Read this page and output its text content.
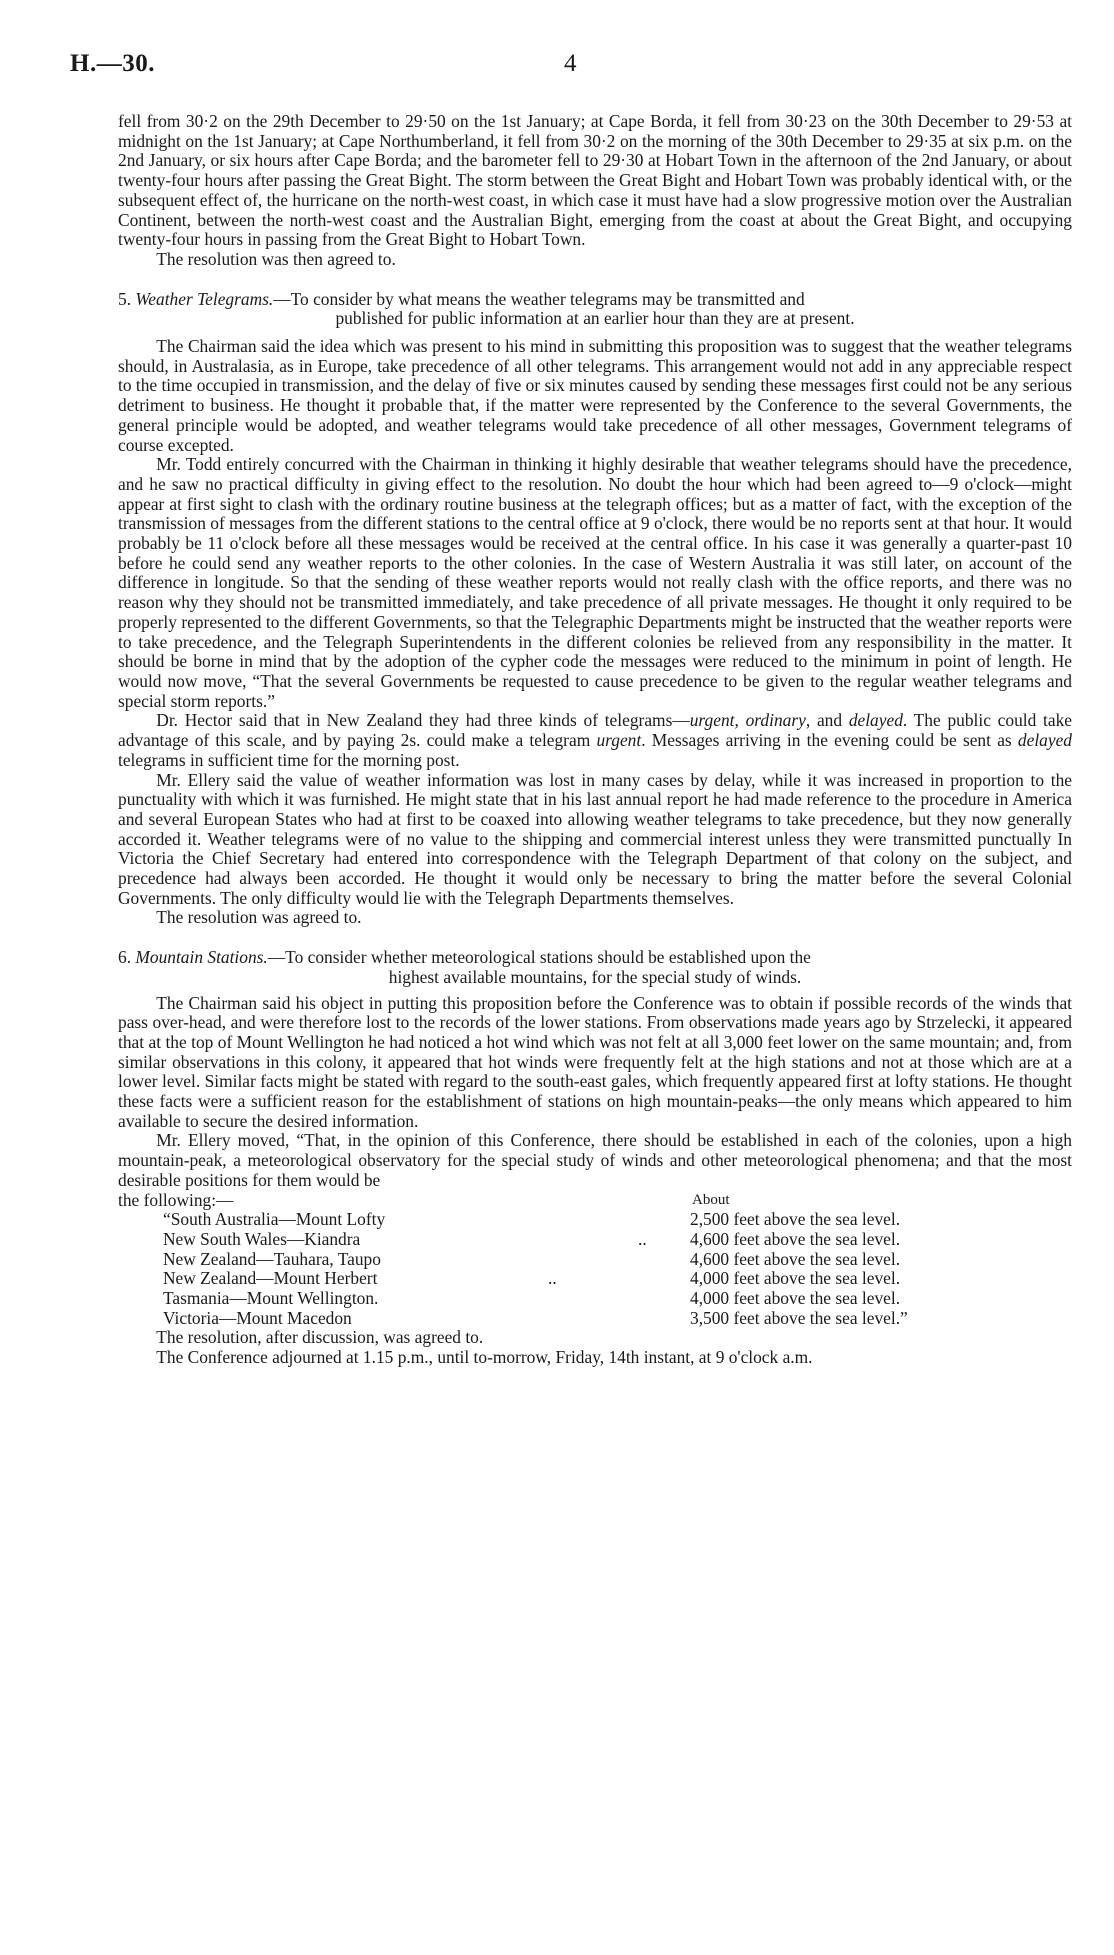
H.—30.	4

fell from 30·2 on the 29th December to 29·50 on the 1st January; at Cape Borda, it fell from 30·23 on the 30th December to 29·53 at midnight on the 1st January; at Cape Northumberland, it fell from 30·2 on the morning of the 30th December to 29·35 at six p.m. on the 2nd January, or six hours after Cape Borda; and the barometer fell to 29·30 at Hobart Town in the afternoon of the 2nd January, or about twenty-four hours after passing the Great Bight. The storm between the Great Bight and Hobart Town was probably identical with, or the subsequent effect of, the hurricane on the north-west coast, in which case it must have had a slow progressive motion over the Australian Continent, between the north-west coast and the Australian Bight, emerging from the coast at about the Great Bight, and occupying twenty-four hours in passing from the Great Bight to Hobart Town.

The resolution was then agreed to.

5. Weather Telegrams.—To consider by what means the weather telegrams may be transmitted and
published for public information at an earlier hour than they are at present.

The Chairman said the idea which was present to his mind in submitting this proposition was to suggest that the weather telegrams should, in Australasia, as in Europe, take precedence of all other telegrams. This arrangement would not add in any appreciable respect to the time occupied in transmission, and the delay of five or six minutes caused by sending these messages first could not be any serious detriment to business. He thought it probable that, if the matter were represented by the Conference to the several Governments, the general principle would be adopted, and weather telegrams would take precedence of all other messages, Government telegrams of course excepted.

Mr. Todd entirely concurred with the Chairman in thinking it highly desirable that weather telegrams should have the precedence, and he saw no practical difficulty in giving effect to the resolution. No doubt the hour which had been agreed to—9 o'clock—might appear at first sight to clash with the ordinary routine business at the telegraph offices; but as a matter of fact, with the exception of the transmission of messages from the different stations to the central office at 9 o'clock, there would be no reports sent at that hour. It would probably be 11 o'clock before all these messages would be received at the central office. In his case it was generally a quarter-past 10 before he could send any weather reports to the other colonies. In the case of Western Australia it was still later, on account of the difference in longitude. So that the sending of these weather reports would not really clash with the office reports, and there was no reason why they should not be transmitted immediately, and take precedence of all private messages. He thought it only required to be properly represented to the different Governments, so that the Telegraphic Departments might be instructed that the weather reports were to take precedence, and the Telegraph Superintendents in the different colonies be relieved from any responsibility in the matter. It should be borne in mind that by the adoption of the cypher code the messages were reduced to the minimum in point of length. He would now move, “That the several Governments be requested to cause precedence to be given to the regular weather telegrams and special storm reports.”

Dr. Hector said that in New Zealand they had three kinds of telegrams—urgent, ordinary, and delayed. The public could take advantage of this scale, and by paying 2s. could make a telegram urgent. Messages arriving in the evening could be sent as delayed telegrams in sufficient time for the morning post.

Mr. Ellery said the value of weather information was lost in many cases by delay, while it was increased in proportion to the punctuality with which it was furnished. He might state that in his last annual report he had made reference to the procedure in America and several European States who had at first to be coaxed into allowing weather telegrams to take precedence, but they now generally accorded it. Weather telegrams were of no value to the shipping and commercial interest unless they were transmitted punctually In Victoria the Chief Secretary had entered into correspondence with the Telegraph Department of that colony on the subject, and precedence had always been accorded. He thought it would only be necessary to bring the matter before the several Colonial Governments. The only difficulty would lie with the Telegraph Departments themselves.

The resolution was agreed to.

6. Mountain Stations.—To consider whether meteorological stations should be established upon the
highest available mountains, for the special study of winds.

The Chairman said his object in putting this proposition before the Conference was to obtain if possible records of the winds that pass over-head, and were therefore lost to the records of the lower stations. From observations made years ago by Strzelecki, it appeared that at the top of Mount Wellington he had noticed a hot wind which was not felt at all 3,000 feet lower on the same mountain; and, from similar observations in this colony, it appeared that hot winds were frequently felt at the high stations and not at those which are at a lower level. Similar facts might be stated with regard to the south-east gales, which frequently appeared first at lofty stations. He thought these facts were a sufficient reason for the establishment of stations on high mountain-peaks—the only means which appeared to him available to secure the desired information.

Mr. Ellery moved, “That, in the opinion of this Conference, there should be established in each of the colonies, upon a high mountain-peak, a meteorological observatory for the special study of winds and other meteorological phenomena; and that the most desirable positions for them would be

the following:—	About
“South Australia—Mount Lofty	2,500 feet above the sea level.
New South Wales—Kiandra	.. 4,600 feet above the sea level.
New Zealand—Tauhara, Taupo	4,600 feet above the sea level.
New Zealand—Mount Herbert	..	4,000 feet above the sea level.
Tasmania—Mount Wellington.	4,000 feet above the sea level.
Victoria—Mount Macedon	3,500 feet above the sea level.”

The resolution, after discussion, was agreed to.

The Conference adjourned at 1.15 p.m., until to-morrow, Friday, 14th instant, at 9 o'clock a.m.
